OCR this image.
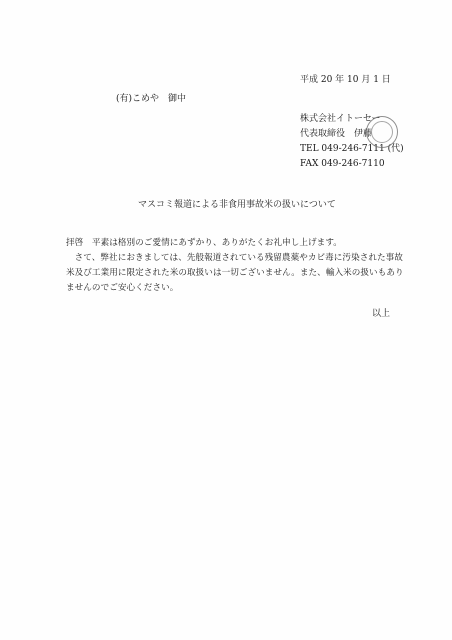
平成 20 年 10 月 1 日
(有)こめや　御中
株式会社イトーセー
代表取締役　伊藤
TEL 049-246-7111 (代)
FAX 049-246-7110
マスコミ報道による非食用事故米の扱いについて
拝啓　平素は格別のご愛情にあずかり、ありがたくお礼申し上げます。
　さて、弊社におきましては、先般報道されている残留農薬やカビ毒に汚染された事故
米及び工業用に限定された米の取扱いは一切ございません。また、輸入米の扱いもあり
ませんのでご安心ください。
以上
